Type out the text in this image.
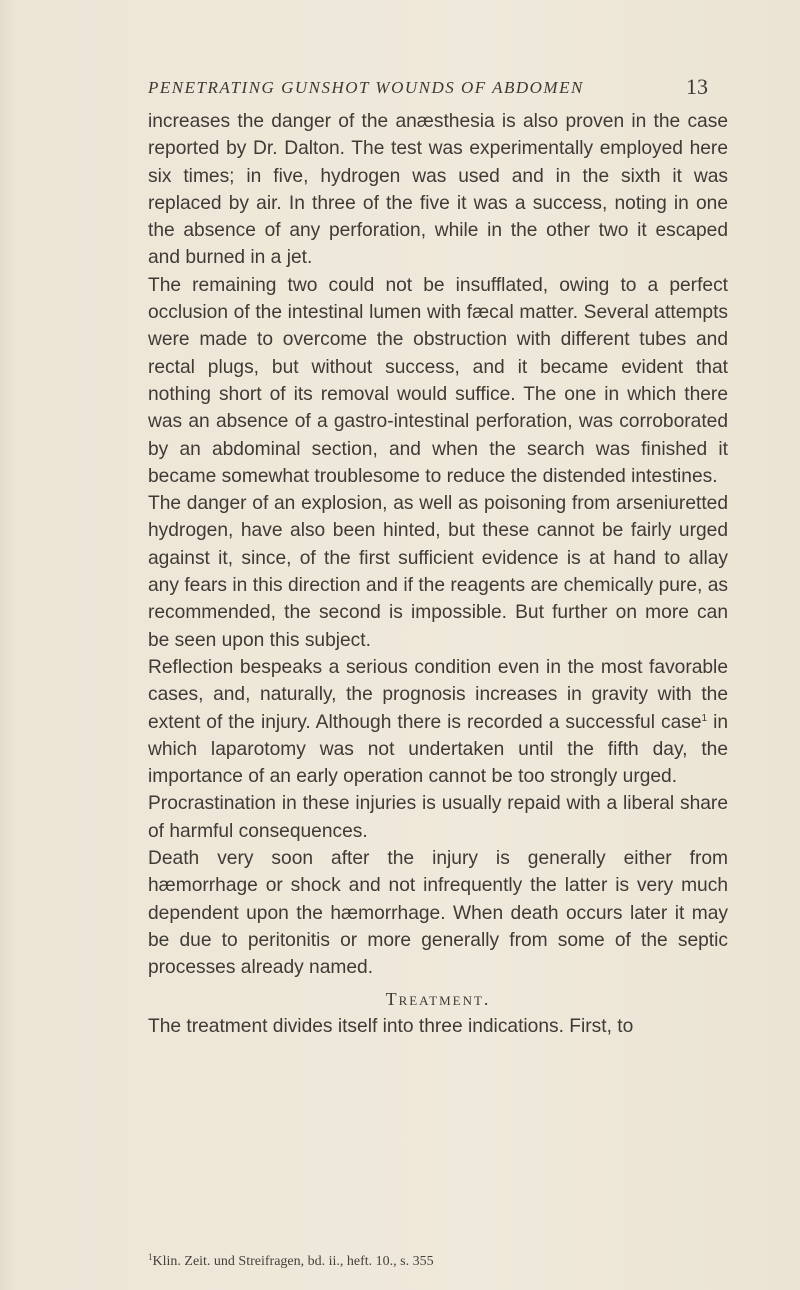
PENETRATING GUNSHOT WOUNDS OF ABDOMEN	13

increases the danger of the anæsthesia is also proven in the case reported by Dr. Dalton. The test was experimentally employed here six times; in five, hydrogen was used and in the sixth it was replaced by air. In three of the five it was a success, noting in one the absence of any perforation, while in the other two it escaped and burned in a jet.

The remaining two could not be insufflated, owing to a perfect occlusion of the intestinal lumen with fæcal matter. Several attempts were made to overcome the obstruction with different tubes and rectal plugs, but without success, and it became evident that nothing short of its removal would suffice. The one in which there was an absence of a gastro-intestinal perforation, was corroborated by an abdominal section, and when the search was finished it became somewhat troublesome to reduce the distended intestines.

The danger of an explosion, as well as poisoning from arseniuretted hydrogen, have also been hinted, but these cannot be fairly urged against it, since, of the first sufficient evidence is at hand to allay any fears in this direction and if the reagents are chemically pure, as recommended, the second is impossible. But further on more can be seen upon this subject.

Reflection bespeaks a serious condition even in the most favorable cases, and, naturally, the prognosis increases in gravity with the extent of the injury. Although there is recorded a successful case$^1$ in which laparotomy was not undertaken until the fifth day, the importance of an early operation cannot be too strongly urged.

Procrastination in these injuries is usually repaid with a liberal share of harmful consequences.

Death very soon after the injury is generally either from hæmorrhage or shock and not infrequently the latter is very much dependent upon the hæmorrhage. When death occurs later it may be due to peritonitis or more generally from some of the septic processes already named.

Treatment.

The treatment divides itself into three indications. First, to

$^1$Klin. Zeit. und Streifragen, bd. ii., heft. 10., s. 355
